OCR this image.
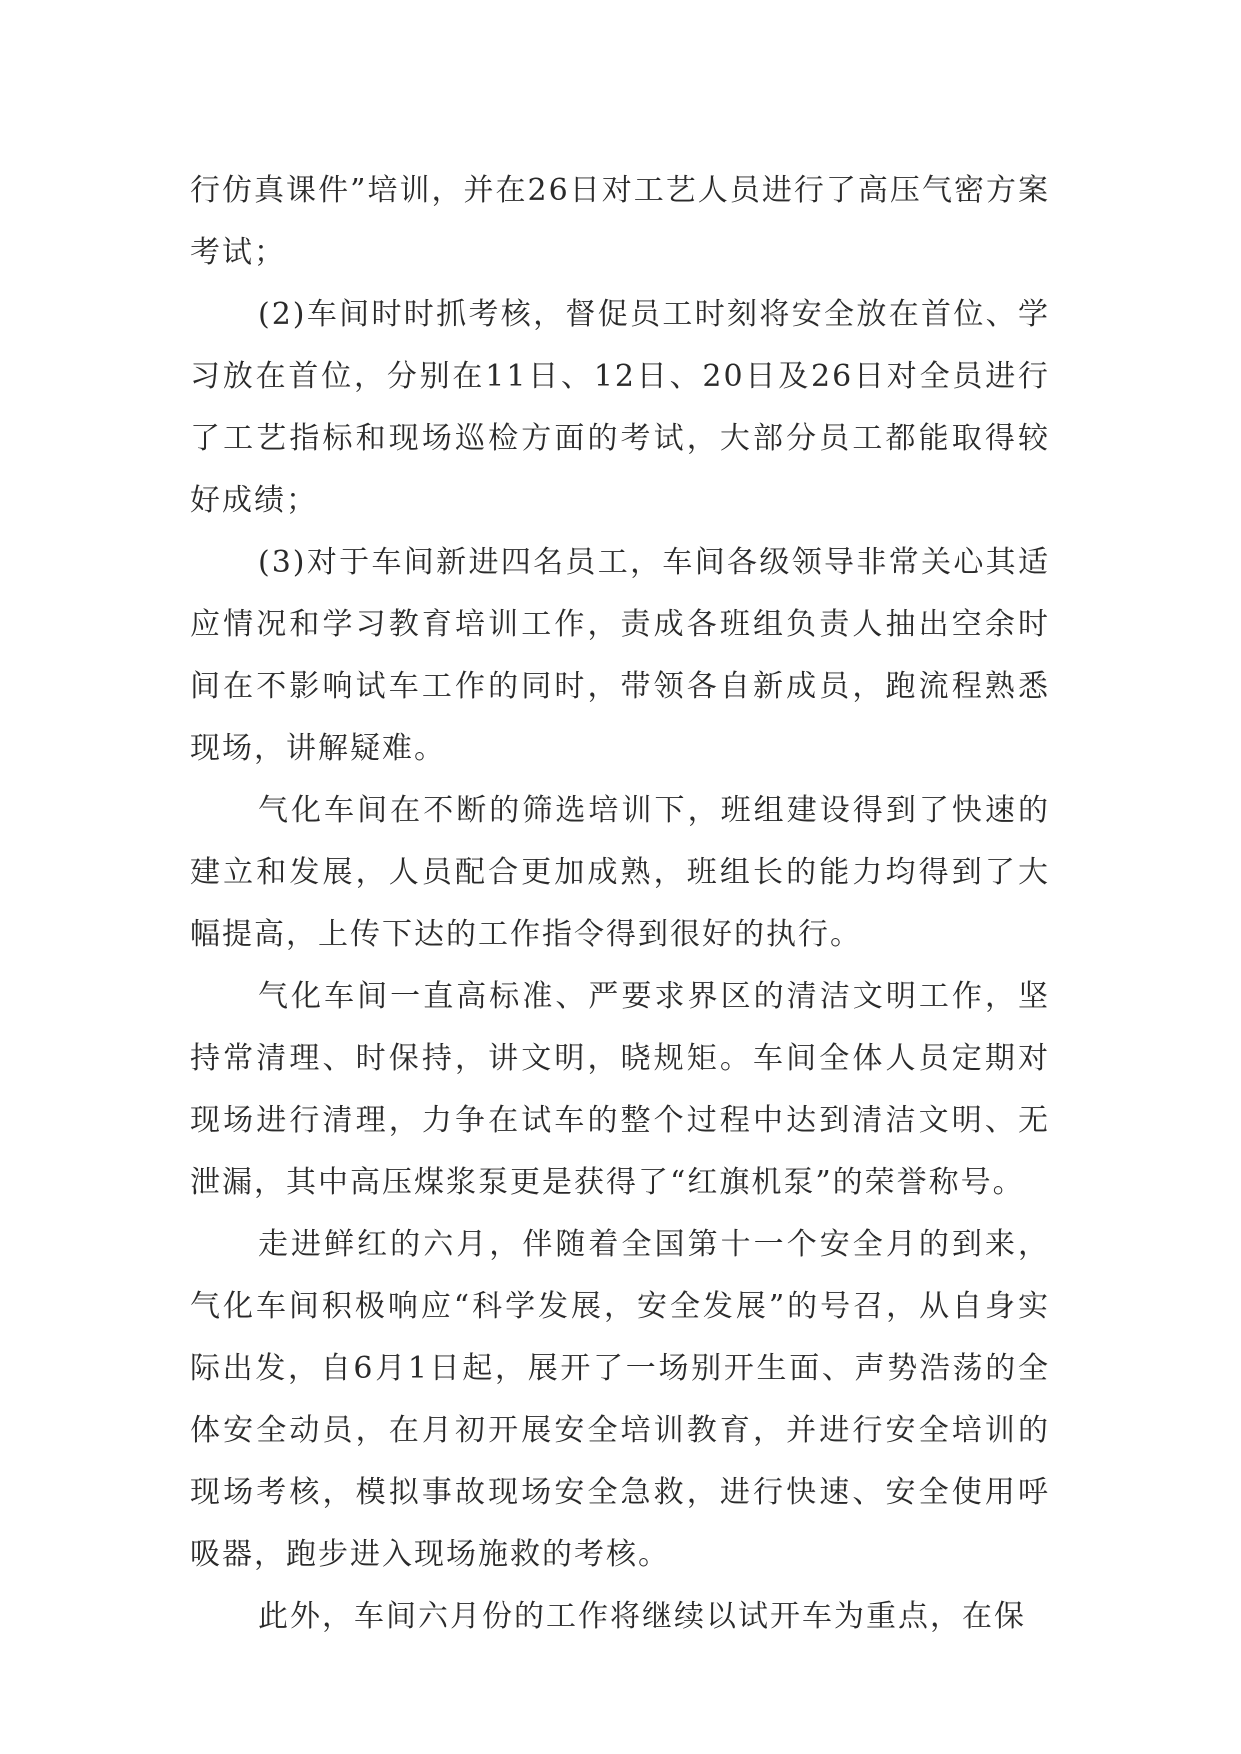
行仿真课件”培训，并在26日对工艺人员进行了高压气密方案考试；

(2)车间时时抓考核，督促员工时刻将安全放在首位、学习放在首位，分别在11日、12日、20日及26日对全员进行了工艺指标和现场巡检方面的考试，大部分员工都能取得较好成绩；

(3)对于车间新进四名员工，车间各级领导非常关心其适应情况和学习教育培训工作，责成各班组负责人抽出空余时间在不影响试车工作的同时，带领各自新成员，跑流程熟悉现场，讲解疑难。

气化车间在不断的筛选培训下，班组建设得到了快速的建立和发展，人员配合更加成熟，班组长的能力均得到了大幅提高，上传下达的工作指令得到很好的执行。

气化车间一直高标准、严要求界区的清洁文明工作，坚持常清理、时保持，讲文明，晓规矩。车间全体人员定期对现场进行清理，力争在试车的整个过程中达到清洁文明、无泄漏，其中高压煤浆泵更是获得了“红旗机泵”的荣誉称号。

走进鲜红的六月，伴随着全国第十一个安全月的到来，气化车间积极响应“科学发展，安全发展”的号召，从自身实际出发，自6月1日起，展开了一场别开生面、声势浩荡的全体安全动员，在月初开展安全培训教育，并进行安全培训的现场考核，模拟事故现场安全急救，进行快速、安全使用呼吸器，跑步进入现场施救的考核。

此外，车间六月份的工作将继续以试开车为重点，在保
